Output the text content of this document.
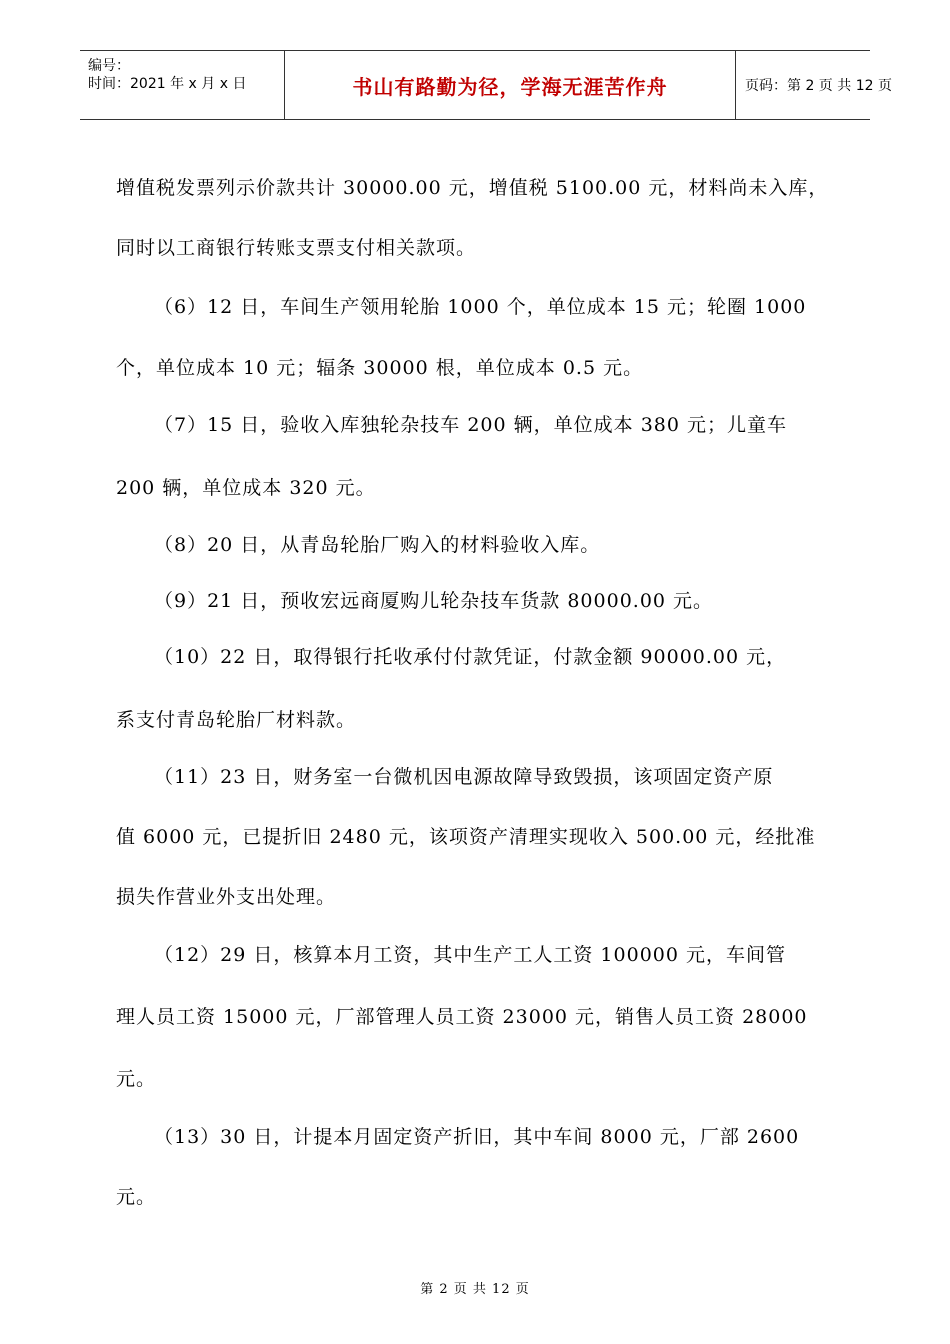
编号：
时间：2021 年 x 月 x 日	书山有路勤为径，学海无涯苦作舟	页码：第 2 页 共 12 页
增值税发票列示价款共计 30000.00 元，增值税 5100.00 元，材料尚未入库，
同时以工商银行转账支票支付相关款项。
（6）12 日，车间生产领用轮胎 1000 个，单位成本 15 元；轮圈 1000
个，单位成本 10 元；辐条 30000 根，单位成本 0.5 元。
（7）15 日，验收入库独轮杂技车 200 辆，单位成本 380 元；儿童车
200 辆，单位成本 320 元。
（8）20 日，从青岛轮胎厂购入的材料验收入库。
（9）21 日，预收宏远商厦购儿轮杂技车货款 80000.00 元。
（10）22 日，取得银行托收承付付款凭证，付款金额 90000.00 元，
系支付青岛轮胎厂材料款。
（11）23 日，财务室一台微机因电源故障导致毁损，该项固定资产原
值 6000 元，已提折旧 2480 元，该项资产清理实现收入 500.00 元，经批准
损失作营业外支出处理。
（12）29 日，核算本月工资，其中生产工人工资 100000 元，车间管
理人员工资 15000 元，厂部管理人员工资 23000 元，销售人员工资 28000
元。
（13）30 日，计提本月固定资产折旧，其中车间 8000 元，厂部 2600
元。
第 2 页 共 12 页
